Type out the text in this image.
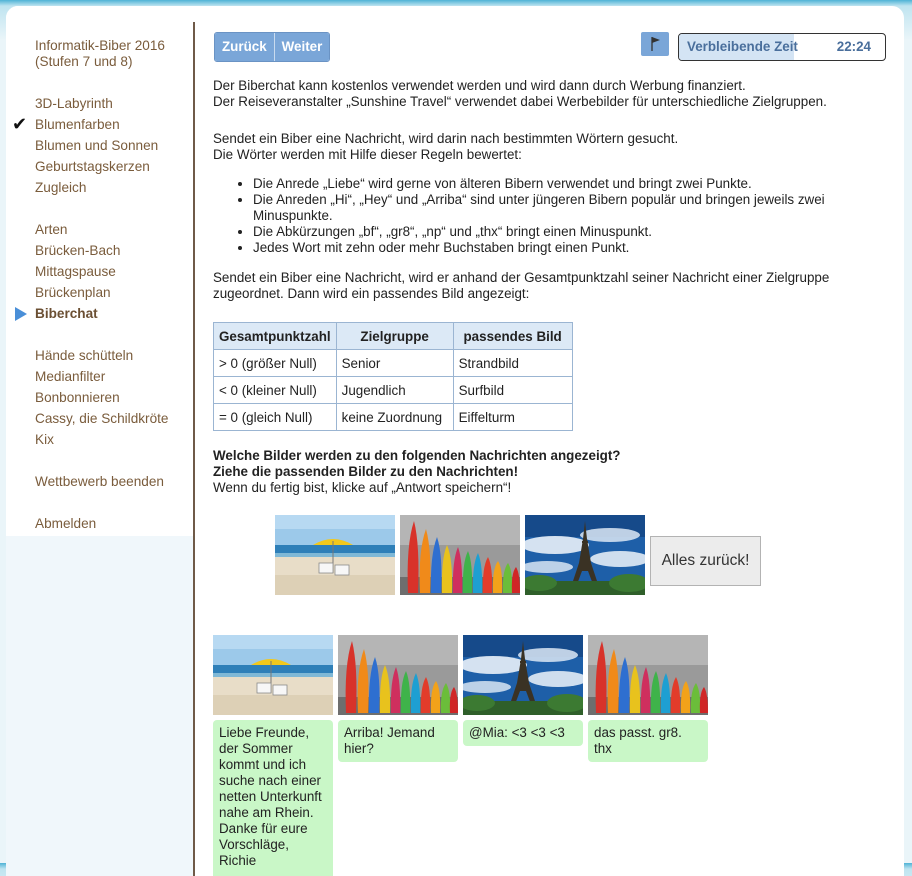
Informatik-Biber 2016
(Stufen 7 und 8)
3D-Labyrinth
Blumenfarben
✔
Blumen und Sonnen
Geburtstagskerzen
Zugleich
Arten
Brücken-Bach
Mittagspause
Brückenplan
Biberchat
Hände schütteln
Medianfilter
Bonbonnieren
Cassy, die Schildkröte
Kix
Wettbewerb beenden
Abmelden
Zurück	Weiter	Verbleibende Zeit	22:24
Der Biberchat kann kostenlos verwendet werden und wird dann durch Werbung finanziert.
Der Reiseveranstalter „Sunshine Travel“ verwendet dabei Werbebilder für unterschiedliche Zielgruppen.
Sendet ein Biber eine Nachricht, wird darin nach bestimmten Wörtern gesucht.
Die Wörter werden mit Hilfe dieser Regeln bewertet:
• Die Anrede „Liebe“ wird gerne von älteren Bibern verwendet und bringt zwei Punkte.
• Die Anreden „Hi“, „Hey“ und „Arriba“ sind unter jüngeren Bibern populär und bringen jeweils zwei Minuspunkte.
• Die Abkürzungen „bf“, „gr8“, „np“ und „thx“ bringt einen Minuspunkt.
• Jedes Wort mit zehn oder mehr Buchstaben bringt einen Punkt.
Sendet ein Biber eine Nachricht, wird er anhand der Gesamtpunktzahl seiner Nachricht einer Zielgruppe
zugeordnet. Dann wird ein passendes Bild angezeigt:
Gesamtpunktzahl	Zielgruppe	passendes Bild
> 0 (größer Null)	Senior	Strandbild
< 0 (kleiner Null)	Jugendlich	Surfbild
= 0 (gleich Null)	keine Zuordnung	Eiffelturm
Welche Bilder werden zu den folgenden Nachrichten angezeigt?
Ziehe die passenden Bilder zu den Nachrichten!
Wenn du fertig bist, klicke auf „Antwort speichern“!
Alles zurück!
Liebe Freunde, der Sommer kommt und ich suche nach einer netten Unterkunft nahe am Rhein. Danke für eure Vorschläge, Richie
Arriba! Jemand hier?
@Mia: <3 <3 <3	das passt. gr8. thx
